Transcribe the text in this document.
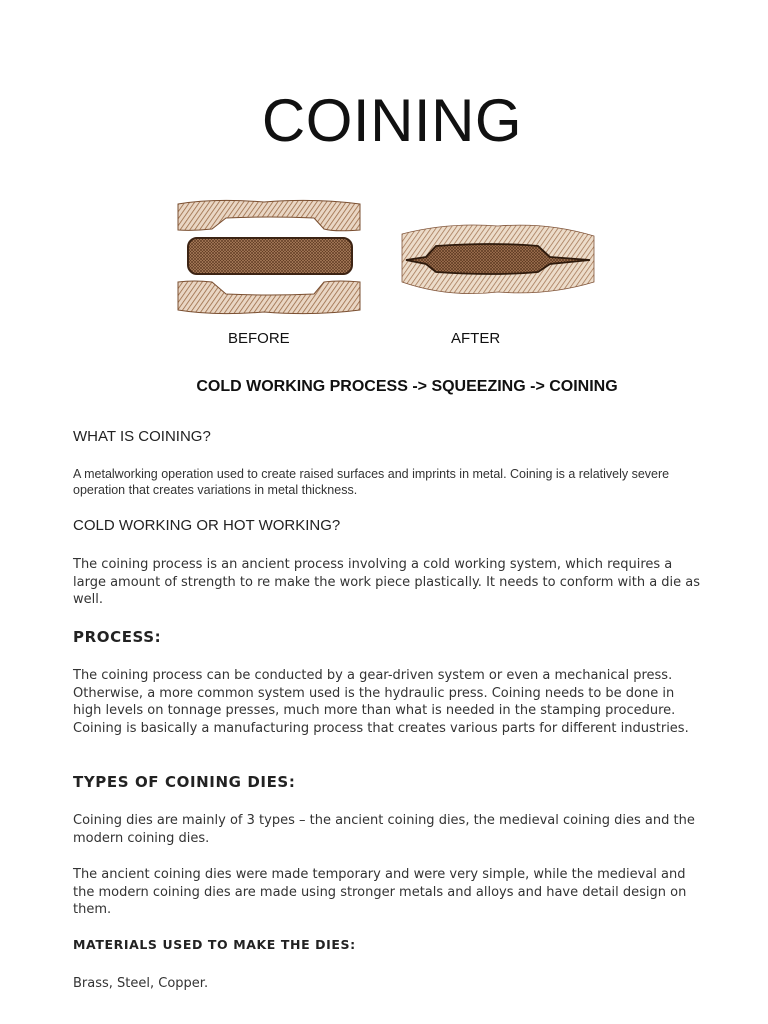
COINING
BEFORE	AFTER
COLD WORKING PROCESS -> SQUEEZING -> COINING
WHAT IS COINING?

A metalworking operation used to create raised surfaces and imprints in metal. Coining is a relatively severe operation that creates variations in metal thickness.

COLD WORKING OR HOT WORKING?

The coining process is an ancient process involving a cold working system, which requires a large amount of strength to re make the work piece plastically. It needs to conform with a die as well.

PROCESS:

The coining process can be conducted by a gear-driven system or even a mechanical press. Otherwise, a more common system used is the hydraulic press. Coining needs to be done in high levels on tonnage presses, much more than what is needed in the stamping procedure. Coining is basically a manufacturing process that creates various parts for different industries.

TYPES OF COINING DIES:

Coining dies are mainly of 3 types – the ancient coining dies, the medieval coining dies and the modern coining dies.

The ancient coining dies were made temporary and were very simple, while the medieval and the modern coining dies are made using stronger metals and alloys and have detail design on them.

MATERIALS USED TO MAKE THE DIES:

Brass, Steel, Copper.
